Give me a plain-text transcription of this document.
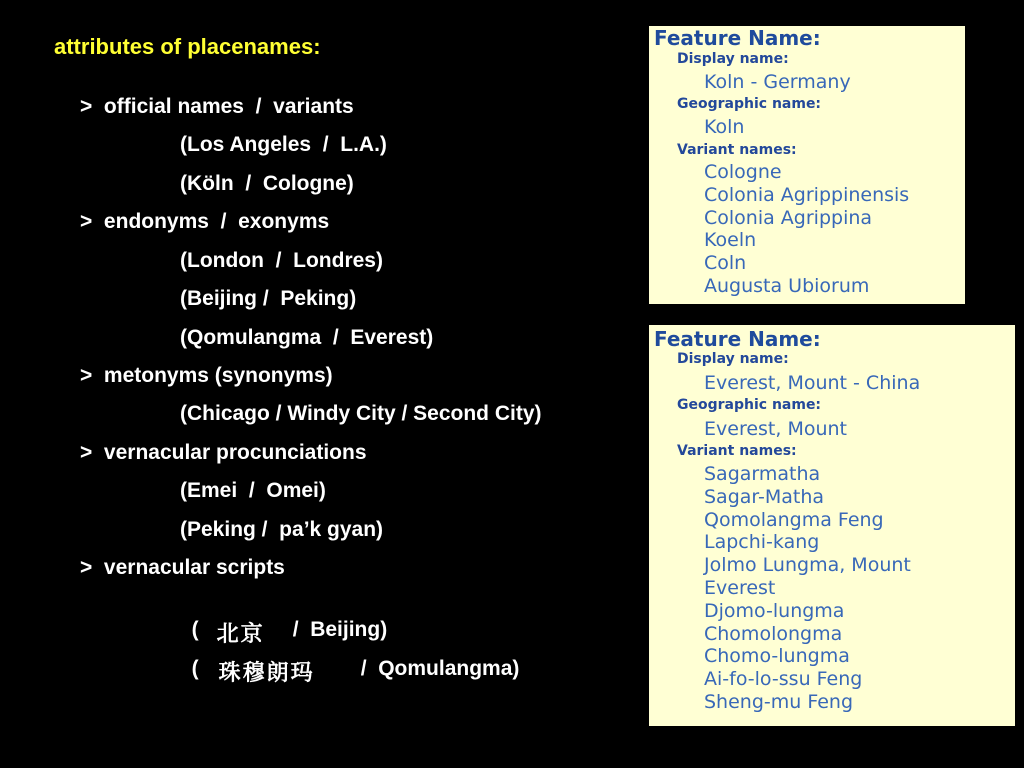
attributes of placenames:
>  official names  /  variants
(Los Angeles  /  L.A.)
(Köln  /  Cologne)
>  endonyms  /  exonyms
(London  /  Londres)
(Beijing /  Peking)
(Qomulangma  /  Everest)
>  metonyms (synonyms)
(Chicago / Windy City / Second City)
>  vernacular procunciations
(Emei  /  Omei)
(Peking /  pa’k gyan)
>  vernacular scripts

( 北京 /  Beijing)

( 珠穆朗玛 /  Qomulangma)

Feature Name:
Display name:
Koln - Germany
Geographic name:
Koln
Variant names:
Cologne
Colonia Agrippinensis
Colonia Agrippina
Koeln
Coln
Augusta Ubiorum
Feature Name:
Display name:
Everest, Mount - China
Geographic name:
Everest, Mount
Variant names:
Sagarmatha
Sagar-Matha
Qomolangma Feng
Lapchi-kang
Jolmo Lungma, Mount
Everest
Djomo-lungma
Chomolongma
Chomo-lungma
Ai-fo-lo-ssu Feng
Sheng-mu Feng
